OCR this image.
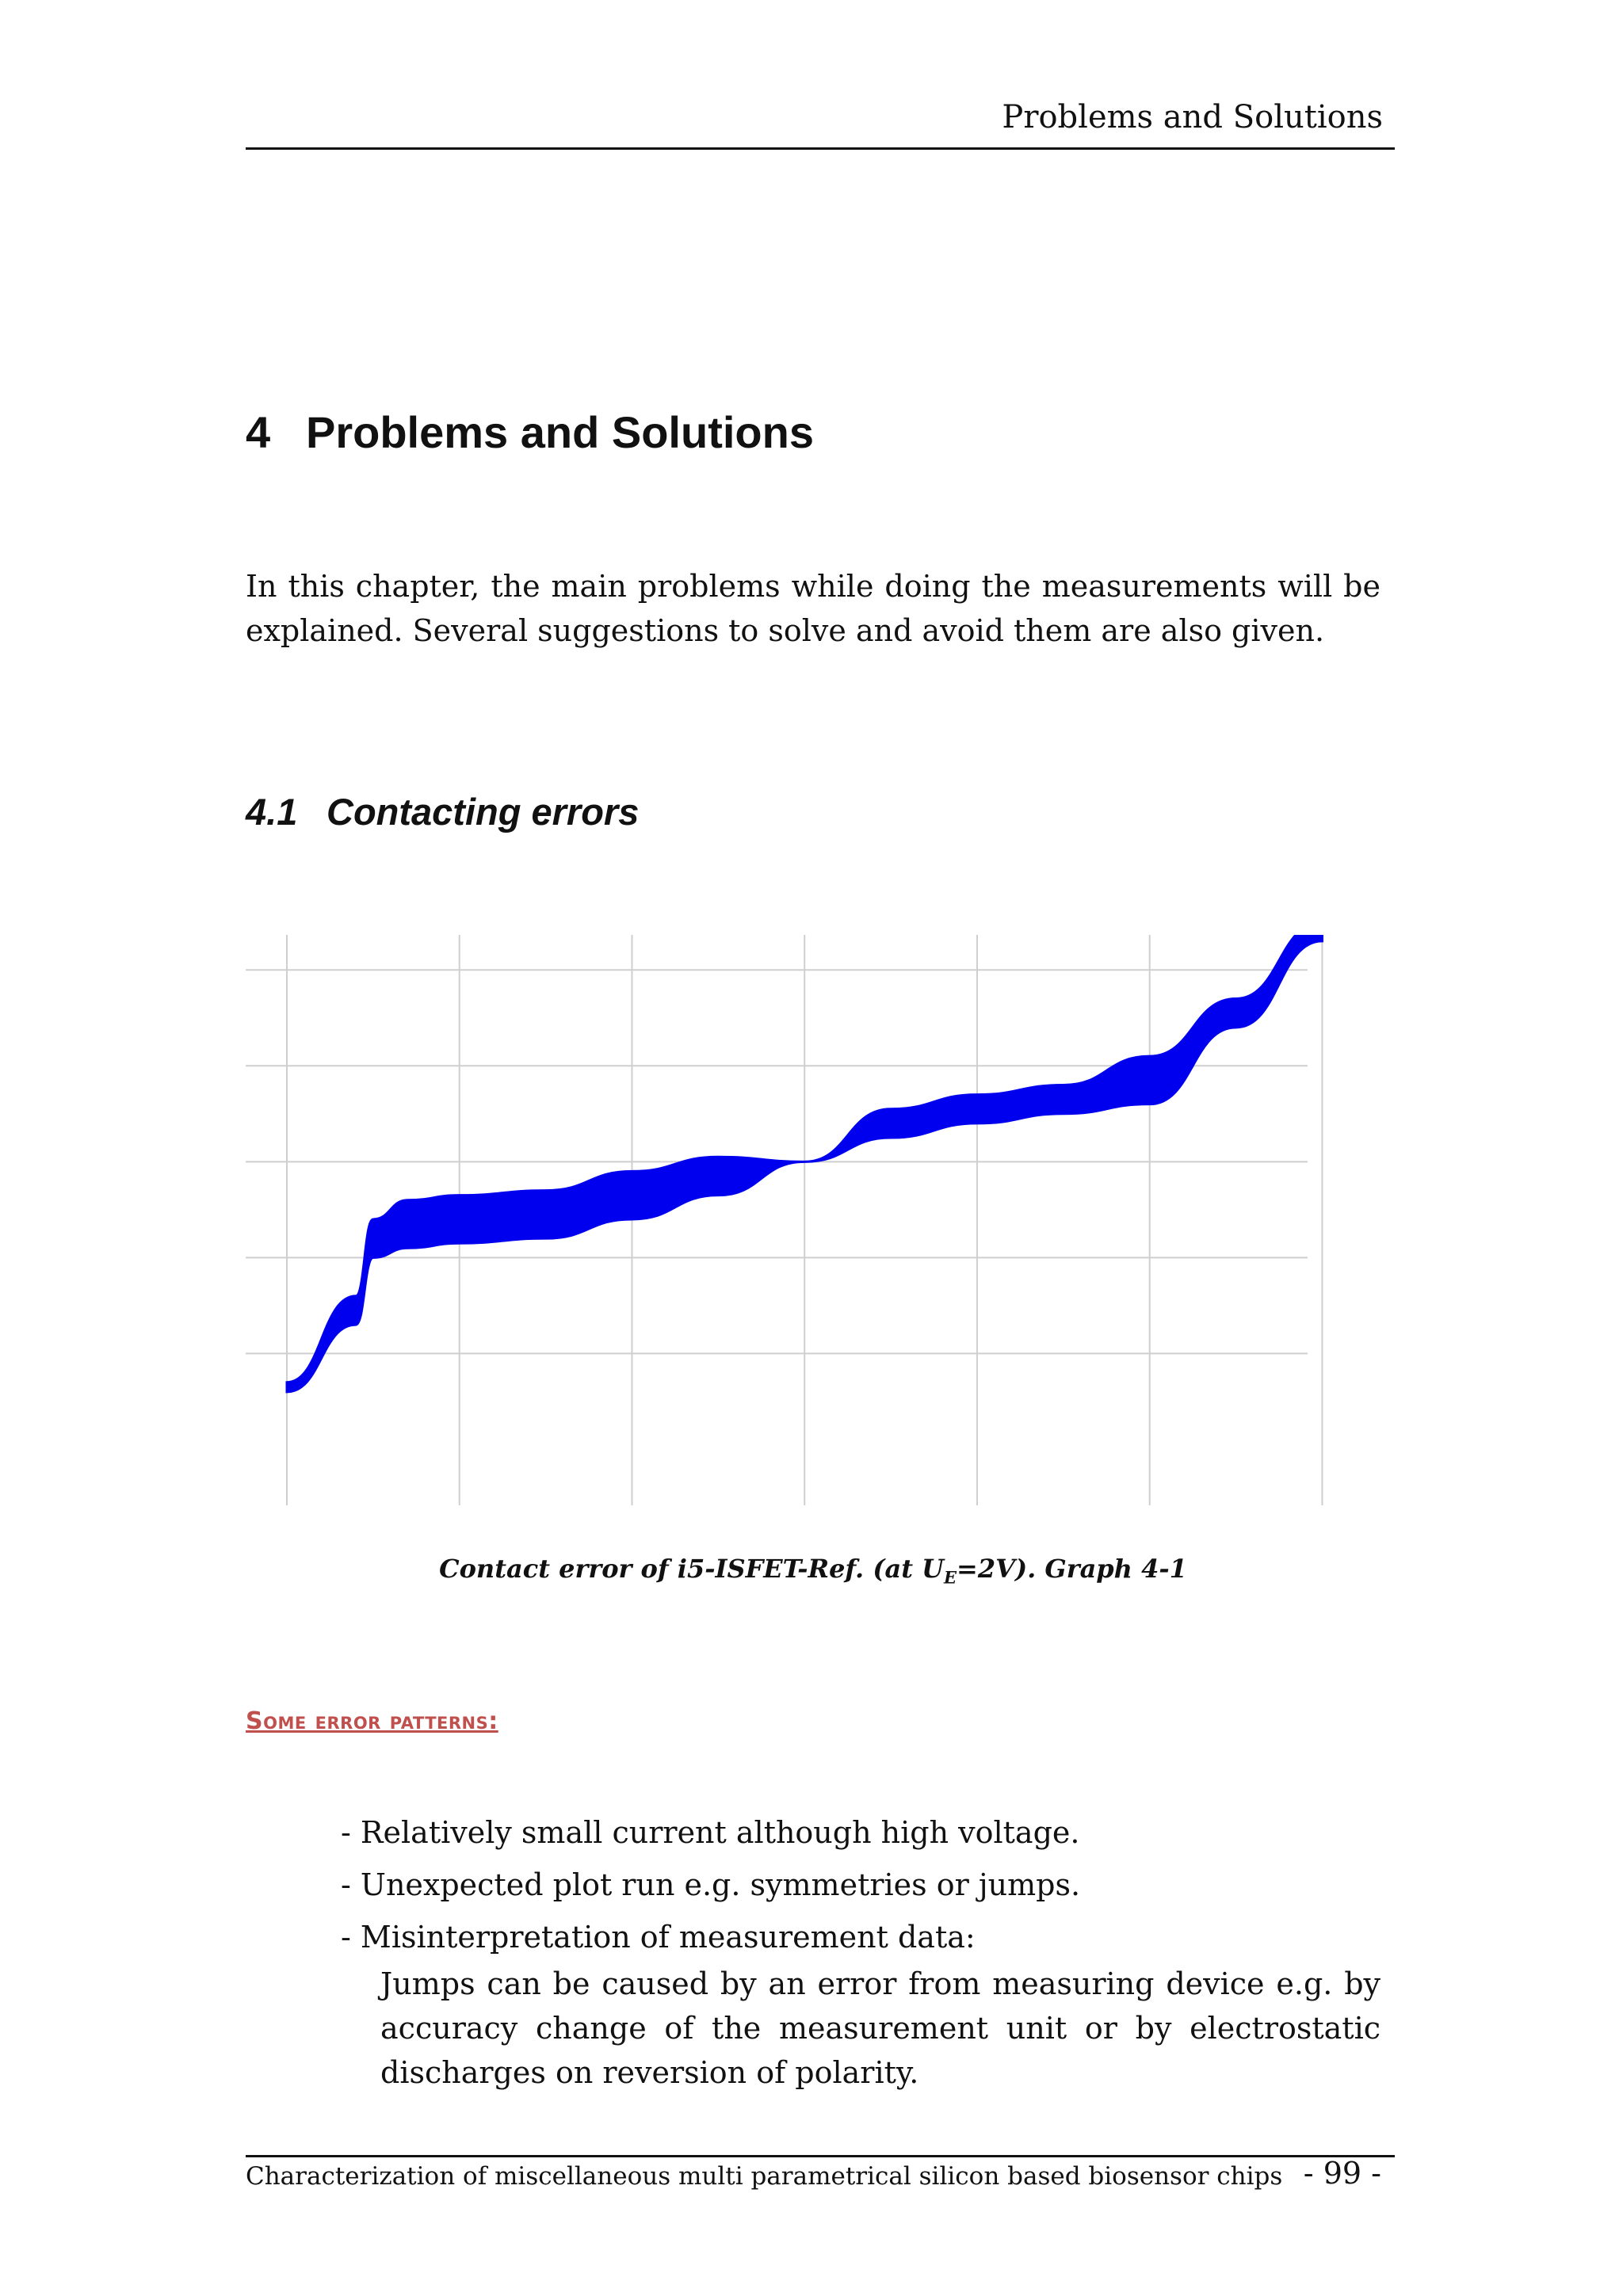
Problems and Solutions
4 Problems and Solutions

In this chapter, the main problems while doing the measurements will be explained. Several suggestions to solve and avoid them are also given.

4.1 Contacting errors
Contact error of i5-ISFET-Ref. (at $U_E=2V$). Graph 4-1
Some error patterns:
- Relatively small current although high voltage.
- Unexpected plot run e.g. symmetries or jumps.
- Misinterpretation of measurement data:

Jumps can be caused by an error from measuring device e.g. by accuracy change of the measurement unit or by electrostatic discharges on reversion of polarity.

Characterization of miscellaneous multi parametrical silicon based biosensor chips - 99 -
